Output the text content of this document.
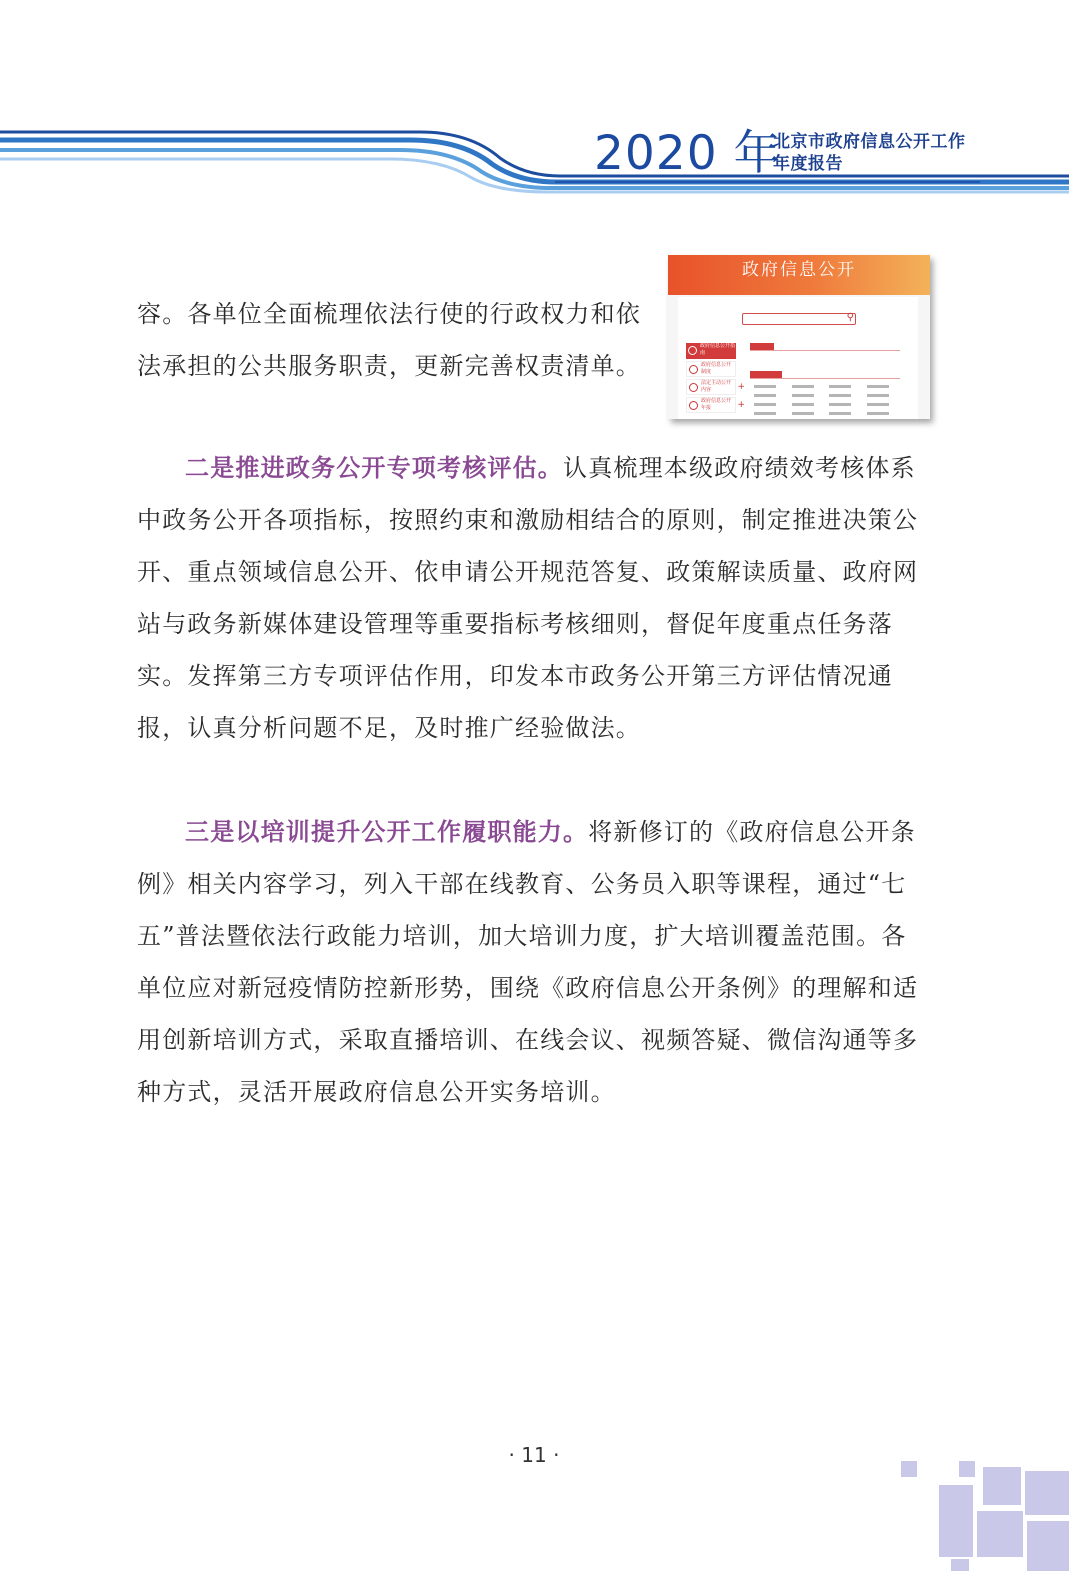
2020 年
北京市政府信息公开工作
年度报告

容。各单位全面梳理依法行使的行政权力和依法承担的公共服务职责，更新完善权责清单。

政府信息公开
⚲
政府信息公开指南
政府信息公开制度
法定主动公开内容	+
政府信息公开年报	+

二是推进政务公开专项考核评估。认真梳理本级政府绩效考核体系中政务公开各项指标，按照约束和激励相结合的原则，制定推进决策公开、重点领域信息公开、依申请公开规范答复、政策解读质量、政府网站与政务新媒体建设管理等重要指标考核细则，督促年度重点任务落实。发挥第三方专项评估作用，印发本市政务公开第三方评估情况通报，认真分析问题不足，及时推广经验做法。

三是以培训提升公开工作履职能力。将新修订的《政府信息公开条例》相关内容学习，列入干部在线教育、公务员入职等课程，通过“七五”普法暨依法行政能力培训，加大培训力度，扩大培训覆盖范围。各单位应对新冠疫情防控新形势，围绕《政府信息公开条例》的理解和适用创新培训方式，采取直播培训、在线会议、视频答疑、微信沟通等多种方式，灵活开展政府信息公开实务培训。

· 11 ·
